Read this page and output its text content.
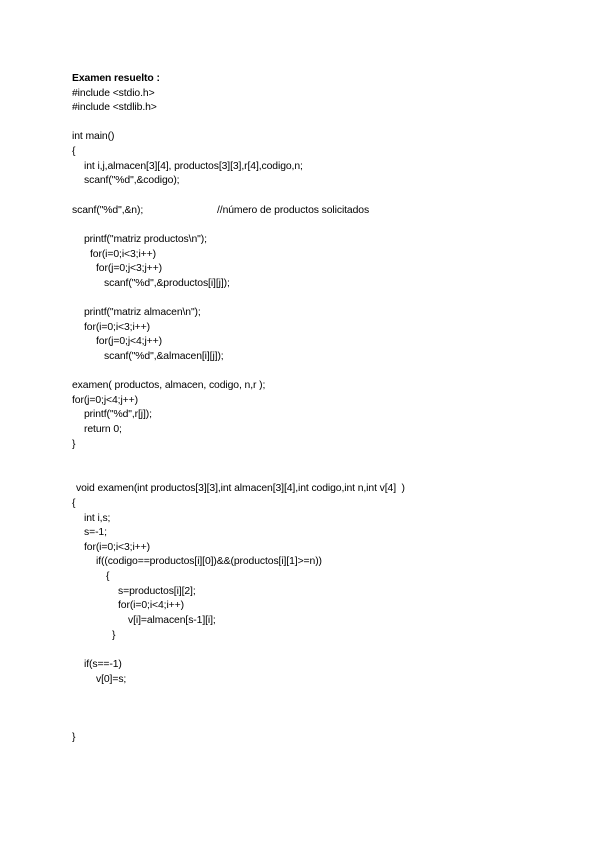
Examen resuelto :
#include <stdio.h>
#include <stdlib.h>
int main()
{
int i,j,almacen[3][4], productos[3][3],r[4],codigo,n;
scanf("%d",&codigo);
scanf("%d",&n);	//número de productos solicitados
printf("matriz productos\n");
for(i=0;i<3;i++)
for(j=0;j<3;j++)
scanf("%d",&productos[i][j]);
printf("matriz almacen\n");
for(i=0;i<3;i++)
for(j=0;j<4;j++)
scanf("%d",&almacen[i][j]);
examen( productos, almacen, codigo, n,r );
for(j=0;j<4;j++)
printf("%d",r[j]);
return 0;
}
void examen(int productos[3][3],int almacen[3][4],int codigo,int n,int v[4]  )
{
int i,s;
s=-1;
for(i=0;i<3;i++)
if((codigo==productos[i][0])&&(productos[i][1]>=n))
{
s=productos[i][2];
for(i=0;i<4;i++)
v[i]=almacen[s-1][i];
}
if(s==-1)
v[0]=s;
}
